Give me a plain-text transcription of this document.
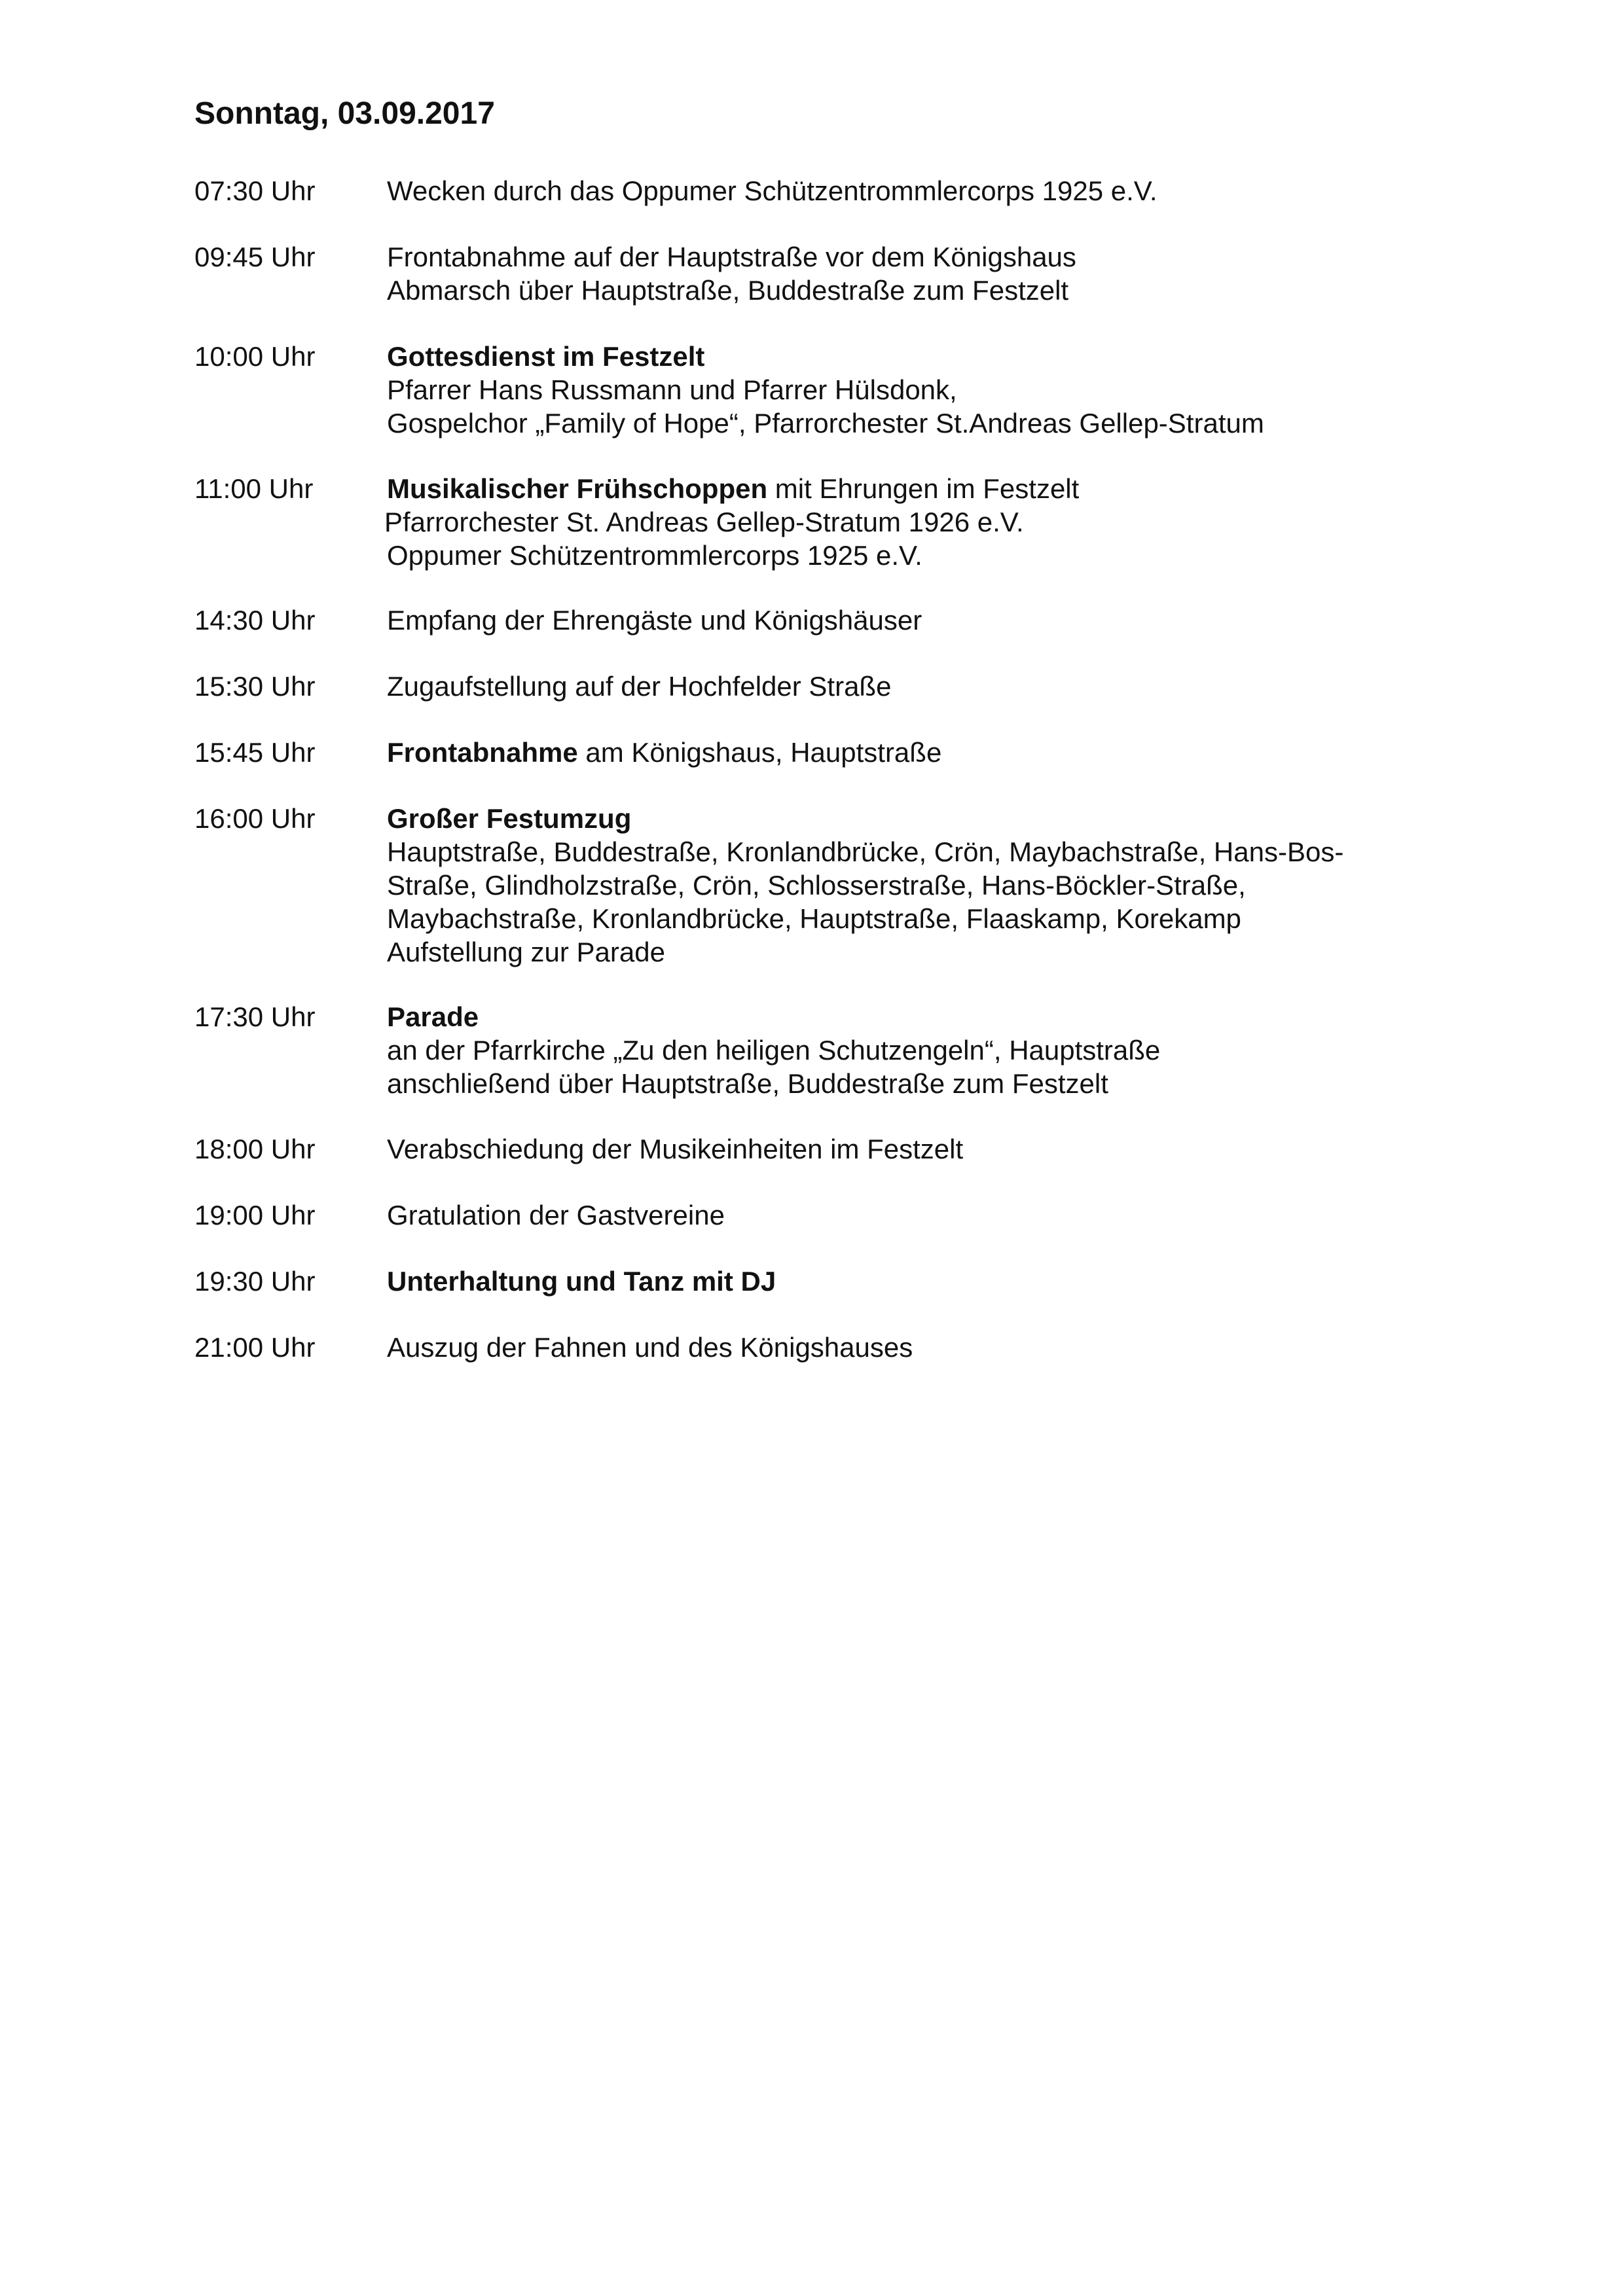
Sonntag, 03.09.2017
07:30 Uhr	Wecken durch das Oppumer Schützentrommlercorps 1925 e.V.
09:45 Uhr	Frontabnahme auf der Hauptstraße vor dem Königshaus
Abmarsch über Hauptstraße, Buddestraße zum Festzelt
10:00 Uhr	Gottesdienst im Festzelt
Pfarrer Hans Russmann und Pfarrer Hülsdonk,
Gospelchor „Family of Hope“, Pfarrorchester St.Andreas Gellep-Stratum
11:00 Uhr	Musikalischer Frühschoppen mit Ehrungen im Festzelt
Pfarrorchester St. Andreas Gellep-Stratum 1926 e.V.
Oppumer Schützentrommlercorps 1925 e.V.
14:30 Uhr	Empfang der Ehrengäste und Königshäuser
15:30 Uhr	Zugaufstellung auf der Hochfelder Straße
15:45 Uhr	Frontabnahme am Königshaus, Hauptstraße
16:00 Uhr	Großer Festumzug
Hauptstraße, Buddestraße, Kronlandbrücke, Crön, Maybachstraße, Hans-Bos-
Straße, Glindholzstraße, Crön, Schlosserstraße, Hans-Böckler-Straße,
Maybachstraße, Kronlandbrücke, Hauptstraße, Flaaskamp, Korekamp
Aufstellung zur Parade
17:30 Uhr	Parade
an der Pfarrkirche „Zu den heiligen Schutzengeln“, Hauptstraße
anschließend über Hauptstraße, Buddestraße zum Festzelt
18:00 Uhr	Verabschiedung der Musikeinheiten im Festzelt
19:00 Uhr	Gratulation der Gastvereine
19:30 Uhr	Unterhaltung und Tanz mit DJ
21:00 Uhr	Auszug der Fahnen und des Königshauses
